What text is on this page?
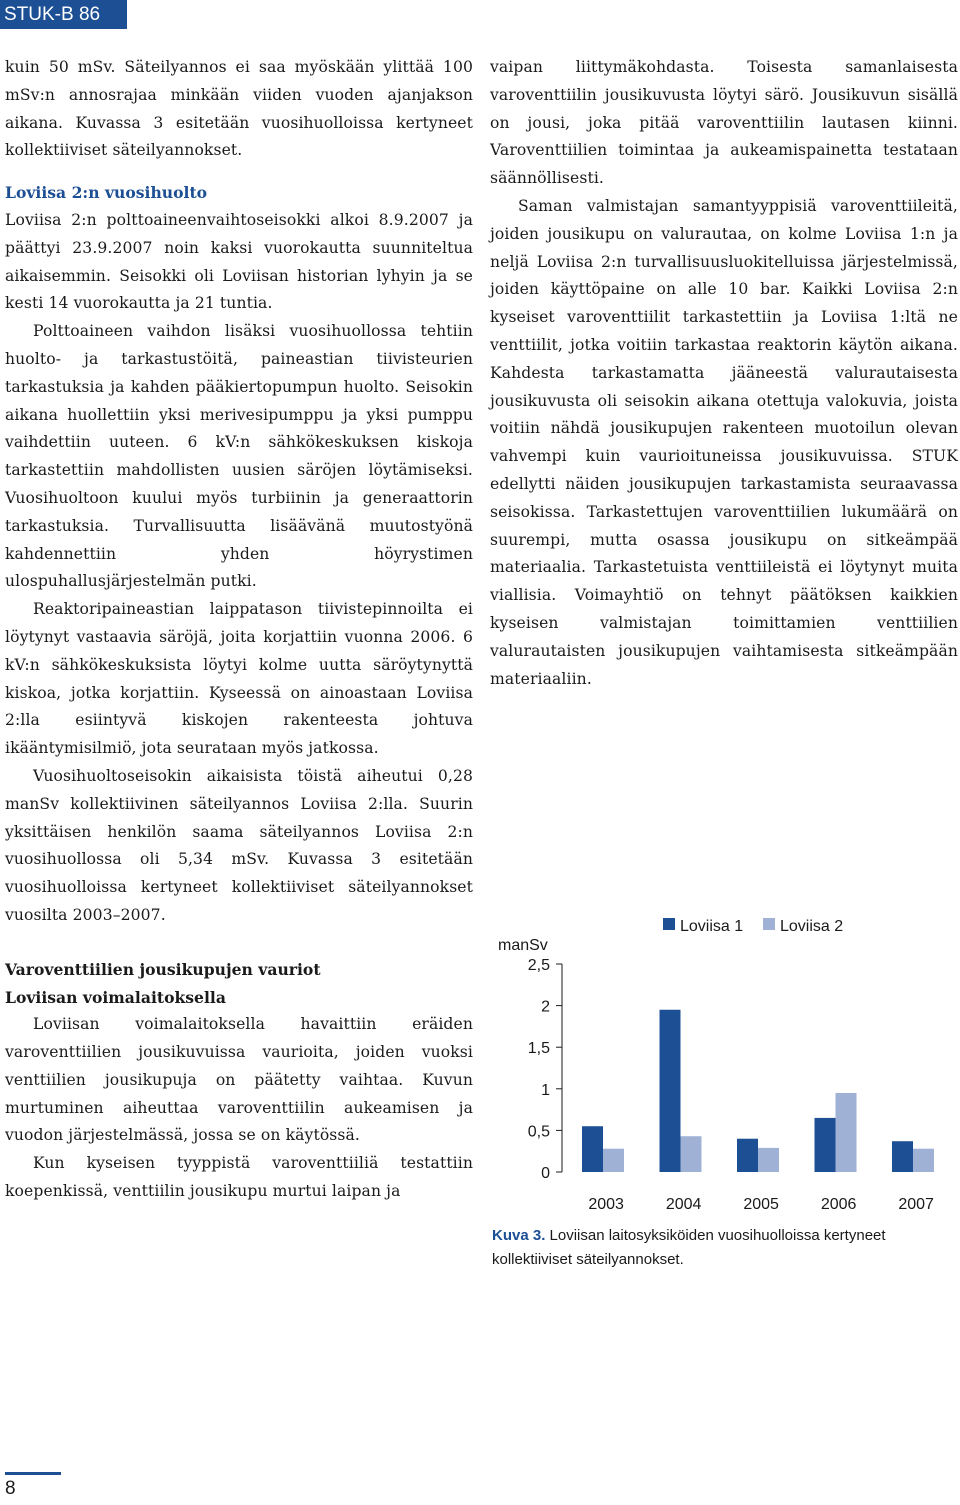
STUK-B 86

kuin 50 mSv. Säteilyannos ei saa myöskään ylittää 100 mSv:n annosrajaa minkään viiden vuoden ajanjakson aikana. Kuvassa 3 esitetään vuosihuolloissa kertyneet kollektiiviset säteilyannokset.

Loviisa 2:n vuosihuolto

Loviisa 2:n polttoaineenvaihtoseisokki alkoi 8.9.2007 ja päättyi 23.9.2007 noin kaksi vuorokautta suunniteltua aikaisemmin. Seisokki oli Loviisan historian lyhyin ja se kesti 14 vuorokautta ja 21 tuntia.

Polttoaineen vaihdon lisäksi vuosihuollossa tehtiin huolto- ja tarkastustöitä, paineastian tiivisteurien tarkastuksia ja kahden pääkiertopumpun huolto. Seisokin aikana huollettiin yksi merivesipumppu ja yksi pumppu vaihdettiin uuteen. 6 kV:n sähkökeskuksen kiskoja tarkastettiin mahdollisten uusien säröjen löytämiseksi. Vuosihuoltoon kuului myös turbiinin ja generaattorin tarkastuksia. Turvallisuutta lisäävänä muutostyönä kahdennettiin yhden höyrystimen ulospuhallusjärjestelmän putki.

Reaktoripaineastian laippatason tiivistepinnoilta ei löytynyt vastaavia säröjä, joita korjattiin vuonna 2006. 6 kV:n sähkökeskuksista löytyi kolme uutta säröytynyttä kiskoa, jotka korjattiin. Kyseessä on ainoastaan Loviisa 2:lla esiintyvä kiskojen rakenteesta johtuva ikääntymisilmiö, jota seurataan myös jatkossa.

Vuosihuoltoseisokin aikaisista töistä aiheutui 0,28 manSv kollektiivinen säteilyannos Loviisa 2:lla. Suurin yksittäisen henkilön saama säteilyannos Loviisa 2:n vuosihuollossa oli 5,34 mSv. Kuvassa 3 esitetään vuosihuolloissa kertyneet kollektiiviset säteilyannokset vuosilta 2003–2007.

Varoventtiilien jousikupujen vauriot
Loviisan voimalaitoksella

Loviisan voimalaitoksella havaittiin eräiden varoventtiilien jousikuvuissa vaurioita, joiden vuoksi venttiilien jousikupuja on päätetty vaihtaa. Kuvun murtuminen aiheuttaa varoventtiilin aukeamisen ja vuodon järjestelmässä, jossa se on käytössä.

Kun kyseisen tyyppistä varoventtiiliä testattiin koepenkissä, venttiilin jousikupu murtui laipan ja

vaipan liittymäkohdasta. Toisesta samanlaisesta varoventtiilin jousikuvusta löytyi särö. Jousikuvun sisällä on jousi, joka pitää varoventtiilin lautasen kiinni. Varoventtiilien toimintaa ja aukeamispainetta testataan säännöllisesti.

Saman valmistajan samantyyppisiä varoventtiileitä, joiden jousikupu on valurautaa, on kolme Loviisa 1:n ja neljä Loviisa 2:n turvallisuusluokitelluissa järjestelmissä, joiden käyttöpaine on alle 10 bar. Kaikki Loviisa 2:n kyseiset varoventtiilit tarkastettiin ja Loviisa 1:ltä ne venttiilit, jotka voitiin tarkastaa reaktorin käytön aikana. Kahdesta tarkastamatta jääneestä valurautaisesta jousikuvusta oli seisokin aikana otettuja valokuvia, joista voitiin nähdä jousikupujen rakenteen muotoilun olevan vahvempi kuin vaurioituneissa jousikuvuissa. STUK edellytti näiden jousikupujen tarkastamista seuraavassa seisokissa. Tarkastettujen varoventtiilien lukumäärä on suurempi, mutta osassa jousikupu on sitkeämpää materiaalia. Tarkastetuista venttiileistä ei löytynyt muita viallisia. Voimayhtiö on tehnyt päätöksen kaikkien kyseisen valmistajan toimittamien venttiilien valurautaisten jousikupujen vaihtamisesta sitkeämpään materiaaliin.

manSv
2,5
2
1,5
1
0,5
0
2003	2004	2005	2006	2007
Loviisa 1 Loviisa 2
Kuva 3. Loviisan laitosyksiköiden vuosihuolloissa kertyneet kollektiiviset säteilyannokset.
8
